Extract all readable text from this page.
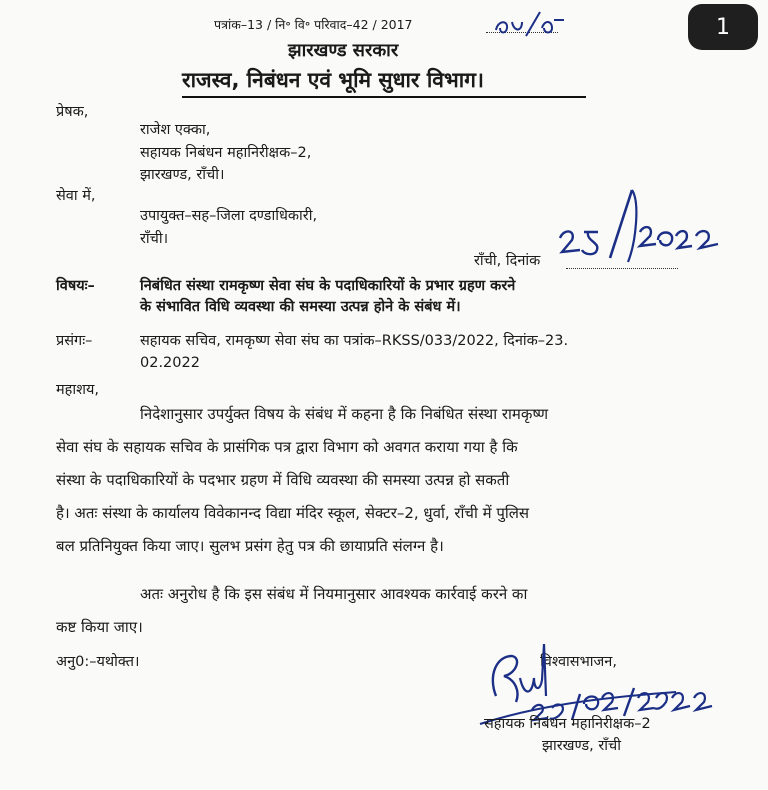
1
पत्रांक–13 / नि॰ वि॰ परिवाद–42 / 2017
झारखण्ड सरकार
राजस्व, निबंधन एवं भूमि सुधार विभाग।
प्रेषक,
राजेश एक्का,
सहायक निबंधन महानिरीक्षक–2,
झारखण्ड, राँची।
सेवा में,
उपायुक्त–सह–जिला दण्डाधिकारी,
राँची।
राँची, दिनांक
विषयः–	निबंधित संस्था रामकृष्ण सेवा संघ के पदाधिकारियों के प्रभार ग्रहण करने
के संभावित विधि व्यवस्था की समस्या उत्पन्न होने के संबंध में।
प्रसंगः–	सहायक सचिव, रामकृष्ण सेवा संघ का पत्रांक–RKSS/033/2022, दिनांक–23.
02.2022
महाशय,
निदेशानुसार उपर्युक्त विषय के संबंध में कहना है कि निबंधित संस्था रामकृष्ण
सेवा संघ के सहायक सचिव के प्रासंगिक पत्र द्वारा विभाग को अवगत कराया गया है कि
संस्था के पदाधिकारियों के पदभार ग्रहण में विधि व्यवस्था की समस्या उत्पन्न हो सकती
है। अतः संस्था के कार्यालय विवेकानन्द विद्या मंदिर स्कूल, सेक्टर–2, धुर्वा, राँची में पुलिस
बल प्रतिनियुक्त किया जाए। सुलभ प्रसंग हेतु पत्र की छायाप्रति संलग्न है।
अतः अनुरोध है कि इस संबंध में नियमानुसार आवश्यक कार्रवाई करने का
कष्ट किया जाए।
अनु0:–यथोक्त।	विश्वासभाजन,
सहायक निबंधन महानिरीक्षक–2
झारखण्ड, राँची
